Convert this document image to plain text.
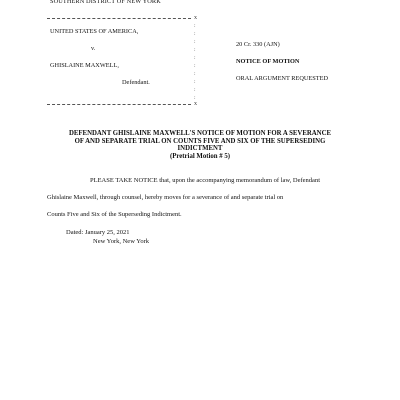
SOUTHERN DISTRICT OF NEW YORK
x
:
:
:
:
:
:
:
:
:
:
UNITED STATES OF AMERICA,
v.
GHISLAINE MAXWELL,
Defendant.
20 Cr. 330 (AJN)
NOTICE OF MOTION
ORAL ARGUMENT REQUESTED
x
DEFENDANT GHISLAINE MAXWELL'S NOTICE OF MOTION FOR A SEVERANCE
OF AND SEPARATE TRIAL ON COUNTS FIVE AND SIX OF THE SUPERSEDING
INDICTMENT
(Pretrial Motion # 5)
PLEASE TAKE NOTICE that, upon the accompanying memorandum of law, Defendant
Ghislaine Maxwell, through counsel, hereby moves for a severance of and separate trial on
Counts Five and Six of the Superseding Indictment.
Dated: January 25, 2021
New York, New York
